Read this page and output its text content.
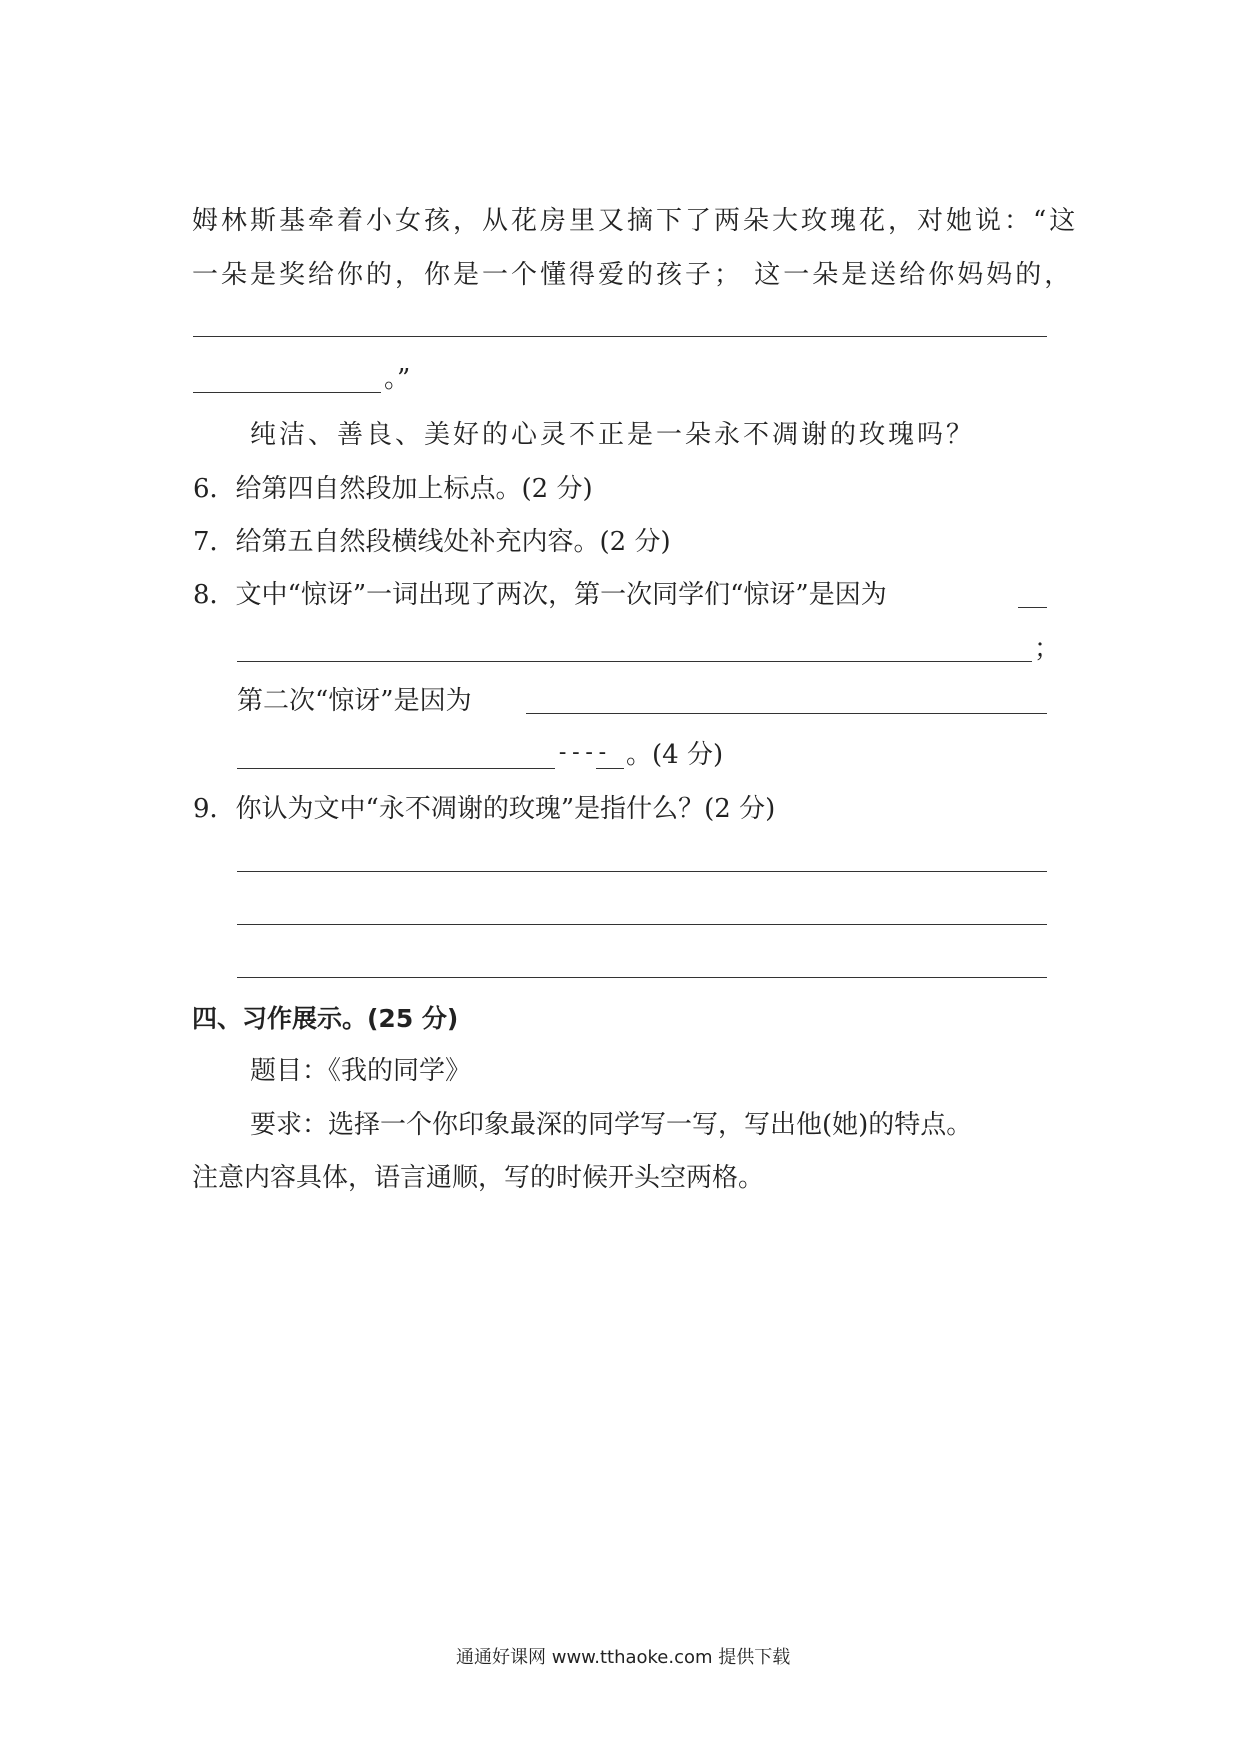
姆林斯基牵着小女孩，从花房里又摘下了两朵大玫瑰花，对她说：“这
一朵是奖给你的，你是一个懂得爱的孩子； 这一朵是送给你妈妈的，
。”
纯洁、善良、美好的心灵不正是一朵永不凋谢的玫瑰吗？
6．给第四自然段加上标点。(2 分)
7．给第五自然段横线处补充内容。(2 分)
8．文中“惊讶”一词出现了两次，第一次同学们“惊讶”是因为
；
第二次“惊讶”是因为
---- 。(4 分)
9．你认为文中“永不凋谢的玫瑰”是指什么？(2 分)
四、习作展示。(25 分)
题目：《我的同学》
要求：选择一个你印象最深的同学写一写，写出他(她)的特点。
注意内容具体，语言通顺，写的时候开头空两格。
通通好课网 www.tthaoke.com 提供下载
